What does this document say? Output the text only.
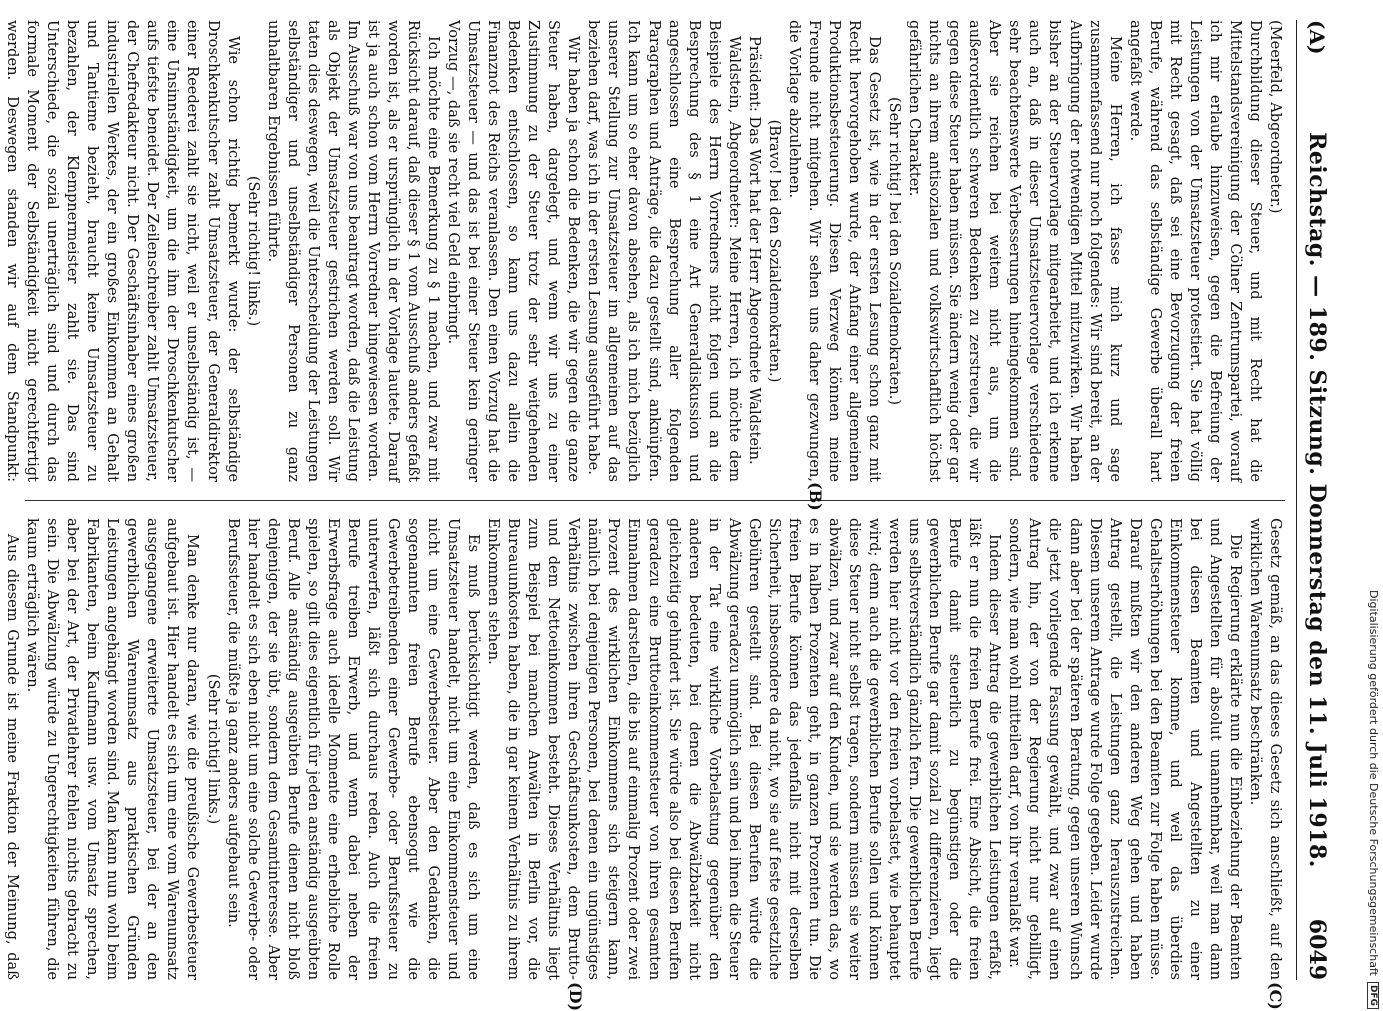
(A)
Reichstag. — 189. Sitzung. Donnerstag den 11. Juli 1918.
6049

(Meerfeld, Abgeordneter.)

Durchbildung dieser Steuer, und mit Recht hat die Mittelstandsvereinigung der Cölner Zentrumspartei, worauf ich mir erlaube hinzuweisen, gegen die Befreiung der Leistungen von der Umsatzsteuer protestiert. Sie hat völlig mit Recht gesagt, daß sei eine Bevorzugung der freien Berufe, während das selbständige Gewerbe überall hart angefaßt werde.

Meine Herren, ich fasse mich kurz und sage zusammenfassend nur noch folgendes: Wir sind bereit, an der Aufbringung der notwendigen Mittel mitzuwirken. Wir haben bisher an der Steuervorlage mitgearbeitet, und ich erkenne auch an, daß in dieser Umsatzsteuervorlage verschiedene sehr beachtenswerte Verbesserungen hineingekommen sind. Aber sie reichen bei weitem nicht aus, um die außerordentlich schweren Bedenken zu zerstreuen, die wir gegen diese Steuer haben müssen. Sie ändern wenig oder gar nichts an ihrem antisozialen und volkswirtschaftlich höchst gefährlichen Charakter.

(Sehr richtig! bei den Sozialdemokraten.)

Das Gesetz ist, wie in der ersten Lesung schon ganz mit Recht hervorgehoben wurde, der Anfang einer allgemeinen Produktionsbesteuerung. Diesen Verzweg können meine Freunde nicht mitgehen. Wir sehen uns daher gezwungen, die Vorlage abzulehnen.

(Bravo! bei den Sozialdemokraten.)

Präsident: Das Wort hat der Herr Abgeordnete Waldstein.

Waldstein, Abgeordneter: Meine Herren, ich möchte dem Beispiele des Herrn Vorredners nicht folgen und an die Besprechung des § 1 eine Art Generaldiskussion und angeschlossen eine Besprechung aller folgenden Paragraphen und Anträge, die dazu gestellt sind, anknüpfen. Ich kann um so eher davon absehen, als ich mich bezüglich unserer Stellung zur Umsatzsteuer im allgemeinen auf das beziehen darf, was ich in der ersten Lesung ausgeführt habe.

Wir haben ja schon die Bedenken, die wir gegen die ganze Steuer haben, dargelegt, und wenn wir uns zu einer Zustimmung zu der Steuer trotz der sehr weitgehenden Bedenken entschlossen, so kann uns dazu allein die Finanznot des Reichs veranlassen. Den einen Vorzug hat die Umsatzsteuer — und das ist bei einer Steuer kein geringer Vorzug —, daß sie recht viel Geld einbringt.

Ich möchte eine Bemerkung zu § 1 machen, und zwar mit Rücksicht darauf, daß dieser § 1 vom Ausschuß anders gefaßt worden ist, als er ursprünglich in der Vorlage lautete. Darauf ist ja auch schon vom Herrn Vorredner hingewiesen worden. Im Ausschuß war von uns beantragt worden, daß die Leistung als Objekt der Umsatzsteuer gestrichen werden soll. Wir taten dies deswegen, weil die Unterscheidung der Leistungen selbständiger und unselbständiger Personen zu ganz unhaltbaren Ergebnissen führte.

(Sehr richtig! links.)

Wie schon richtig bemerkt wurde: der selbständige Droschkenkutscher zahlt Umsatzsteuer, der Generaldirektor einer Reederei zahlt sie nicht, weil er unselbständig ist, — eine Unsinnständigkeit, um die ihm der Droschkenkutscher aufs tiefste beneidet. Der Zeilenschreiber zahlt Umsatzsteuer, der Chefredakteur nicht. Der Geschäftsinhaber eines großen industriellen Werkes, der ein großes Einkommen an Gehalt und Tantieme bezieht, braucht keine Umsatzsteuer zu bezahlen, der Klempnermeister zahlt sie. Das sind Unterschiede, die sozial unerträglich sind und durch das formale Moment der Selbständigkeit nicht gerechtfertigt werden. Deswegen standen wir auf dem Standpunkt:

Gesetz gemäß, an das dieses Gesetz sich anschließt, auf den wirklichen Warenumsatz beschränken.

Die Regierung erklärte nun die Einbeziehung der Beamten und Angestellten für absolut unannehmbar, weil man dann bei diesen Beamten und Angestellten zu einer Einkommensteuer komme, und weil das überdies Gehaltserhöhungen bei den Beamten zur Folge haben müsse. Darauf mußten wir den anderen Weg gehen und haben Antrag gestellt, die Leistungen ganz herauszustreichen. Diesem unserem Antrage wurde Folge gegeben. Leider wurde dann aber bei der späteren Beratung, gegen unseren Wunsch die jetzt vorliegende Fassung gewählt, und zwar auf einen Antrag hin, der von der Regierung nicht nur gebilligt, sondern, wie man wohl mitteilen darf, von ihr veranlaßt war.

Indem dieser Antrag die gewerblichen Leistungen erfaßt, läßt er nun die freien Berufe frei. Eine Absicht, die freien Berufe damit steuerlich zu begünstigen oder die gewerblichen Berufe gar damit sozial zu differenzieren, liegt uns selbstverständlich gänzlich fern. Die gewerblichen Berufe werden hier nicht vor den freien vorbelastet, wie behauptet wird; denn auch die gewerblichen Berufe sollen und können diese Steuer nicht selbst tragen, sondern müssen sie weiter abwälzen, und zwar auf den Kunden, und sie werden das, wo es in halben Prozenten geht, in ganzen Prozenten tun. Die freien Berufe können das jedenfalls nicht mit derselben Sicherheit, insbesondere da nicht, wo sie auf feste gesetzliche Gebühren gestellt sind. Bei diesen Berufen würde die Abwälzung geradezu unmöglich sein und bei ihnen die Steuer in der Tat eine wirkliche Vorbelastung gegenüber den anderen bedeuten, bei denen die Abwälzbarkeit nicht gleichzeitig gehindert ist. Sie würde also bei diesen Berufen geradezu eine Bruttoeinkommensteuer von ihren gesamten Einnahmen darstellen, die bis auf einmalig Prozent oder zwei Prozent des wirklichen Einkommens sich steigern kann, nämlich bei denjenigen Personen, bei denen ein ungünstiges Verhältnis zwischen ihren Geschäftsunkosten, dem Brutto- und dem Nettoeinkommen besteht. Dieses Verhältnis liegt zum Beispiel bei manchen Anwälten in Berlin vor, die Bureauunkosten haben, die in gar keinem Verhältnis zu ihrem Einkommen stehen.

Es muß berücksichtigt werden, daß es sich um eine Umsatzsteuer handelt, nicht um eine Einkommensteuer und nicht um eine Gewerbesteuer. Aber den Gedanken, die sogenannten freien Berufe ebensogut wie die Gewerbetreibenden einer Gewerbe- oder Berufssteuer zu unterwerfen, läßt sich durchaus reden. Auch die freien Berufe treiben Erwerb, und wenn dabei neben der Erwerbsfrage auch ideelle Momente eine erhebliche Rolle spielen, so gilt dies eigentlich für jeden anständig ausgeübten Beruf. Alle anständig ausgeübten Berufe dienen nicht bloß denjenigen, der sie übt, sondern dem Gesamtinteresse. Aber hier handelt es sich eben nicht um eine solche Gewerbe- oder Berufssteuer, die müßte ja ganz anders aufgebaut sein.

(Sehr richtig! links.)

Man denke nur daran, wie die preußische Gewerbesteuer aufgebaut ist. Hier handelt es sich um eine vom Warenumsatz ausgegangene erweiterte Umsatzsteuer, bei der an den gewerblichen Warenumsatz aus praktischen Gründen Leistungen angehängt worden sind. Man kann nun wohl beim Fabrikanten, beim Kaufmann usw. vom Umsatz sprechen, aber bei der Art, der Privatlehrer fehlen nichts gebracht zu sein. Die Abwälzung würde zu Ungerechtigkeiten führen, die kaum erträglich wären.

Aus diesem Grunde ist meine Fraktion der Meinung, daß

(B)
(C)
(D)
Digitalisierung gefördert durch die Deutsche Forschungsgemeinschaft
DFG
